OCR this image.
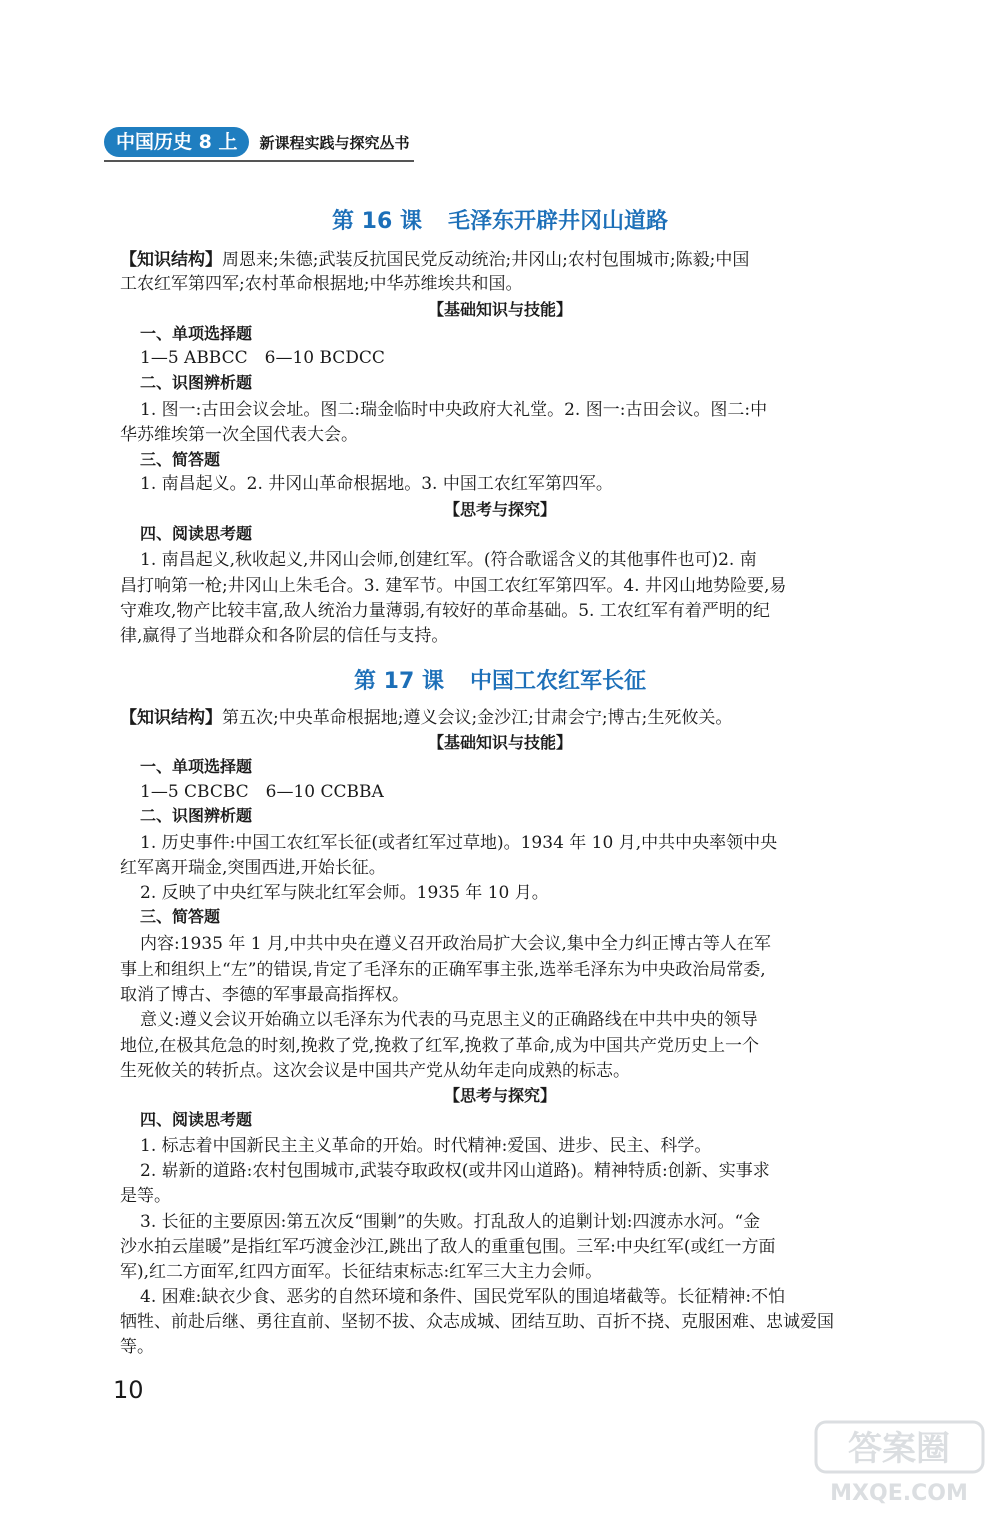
中国历史 8 上	新课程实践与探究丛书
第 16 课 毛泽东开辟井冈山道路
【知识结构】周恩来;朱德;武装反抗国民党反动统治;井冈山;农村包围城市;陈毅;中国
工农红军第四军;农村革命根据地;中华苏维埃共和国。
【基础知识与技能】
一、单项选择题
1—5 ABBCC　6—10 BCDCC
二、识图辨析题
1. 图一:古田会议会址。图二:瑞金临时中央政府大礼堂。2. 图一:古田会议。图二:中
华苏维埃第一次全国代表大会。
三、简答题
1. 南昌起义。2. 井冈山革命根据地。3. 中国工农红军第四军。
【思考与探究】
四、阅读思考题
1. 南昌起义,秋收起义,井冈山会师,创建红军。(符合歌谣含义的其他事件也可)2. 南
昌打响第一枪;井冈山上朱毛合。3. 建军节。中国工农红军第四军。4. 井冈山地势险要,易
守难攻,物产比较丰富,敌人统治力量薄弱,有较好的革命基础。5. 工农红军有着严明的纪
律,赢得了当地群众和各阶层的信任与支持。
第 17 课 中国工农红军长征
【知识结构】第五次;中央革命根据地;遵义会议;金沙江;甘肃会宁;博古;生死攸关。
【基础知识与技能】
一、单项选择题
1—5 CBCBC　6—10 CCBBA
二、识图辨析题
1. 历史事件:中国工农红军长征(或者红军过草地)。1934 年 10 月,中共中央率领中央
红军离开瑞金,突围西进,开始长征。
2. 反映了中央红军与陕北红军会师。1935 年 10 月。
三、简答题
内容:1935 年 1 月,中共中央在遵义召开政治局扩大会议,集中全力纠正博古等人在军
事上和组织上“左”的错误,肯定了毛泽东的正确军事主张,选举毛泽东为中央政治局常委,
取消了博古、李德的军事最高指挥权。
意义:遵义会议开始确立以毛泽东为代表的马克思主义的正确路线在中共中央的领导
地位,在极其危急的时刻,挽救了党,挽救了红军,挽救了革命,成为中国共产党历史上一个
生死攸关的转折点。这次会议是中国共产党从幼年走向成熟的标志。
【思考与探究】
四、阅读思考题
1. 标志着中国新民主主义革命的开始。时代精神:爱国、进步、民主、科学。
2. 崭新的道路:农村包围城市,武装夺取政权(或井冈山道路)。精神特质:创新、实事求
是等。
3. 长征的主要原因:第五次反“围剿”的失败。打乱敌人的追剿计划:四渡赤水河。“金
沙水拍云崖暖”是指红军巧渡金沙江,跳出了敌人的重重包围。三军:中央红军(或红一方面
军),红二方面军,红四方面军。长征结束标志:红军三大主力会师。
4. 困难:缺衣少食、恶劣的自然环境和条件、国民党军队的围追堵截等。长征精神:不怕
牺牲、前赴后继、勇往直前、坚韧不拔、众志成城、团结互助、百折不挠、克服困难、忠诚爱国
等。
10
答案圈
MXQE.COM
